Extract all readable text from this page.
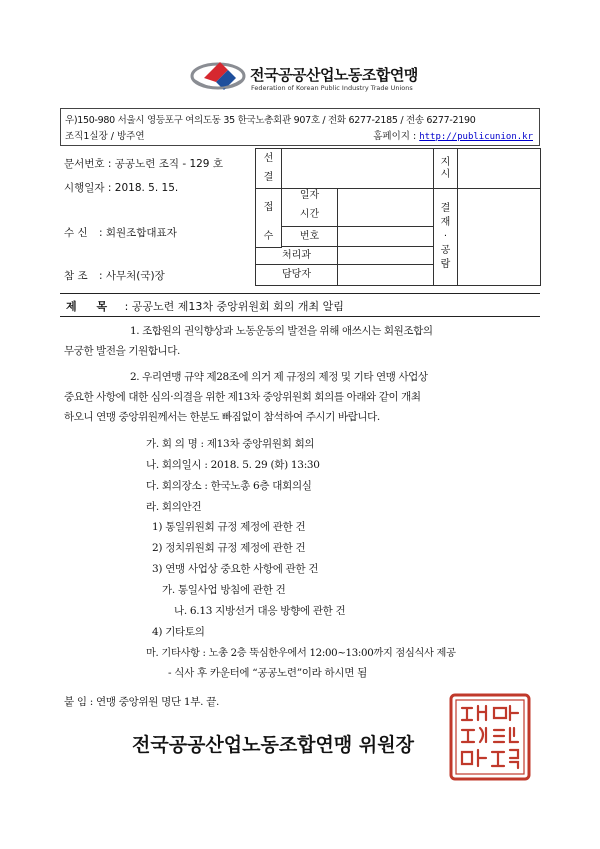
전국공공산업노동조합연맹
Federation of Korean Public Industry Trade Unions
우)150-980 서울시 영등포구 여의도동 35 한국노총회관 907호 / 전화 6277-2185 / 전송 6277-2190
조직1실장 / 방주연	홈페이지 : http://publicunion.kr
문서번호 : 공공노련 조직 - 129 호
시행일자 : 2018. 5. 15.
수 신 : 회원조합대표자
참 조 : 사무처(국)장
선
결
접
수
일자
시간
번호
처리과
담당자
지
시
결
재
·
공
람
제 목 : 공공노련 제13차 중앙위원회 회의 개최 알림
1. 조합원의 권익향상과 노동운동의 발전을 위해 애쓰시는 회원조합의
무궁한 발전을 기원합니다.
2. 우리연맹 규약 제28조에 의거 제 규정의 제정 및 기타 연맹 사업상
중요한 사항에 대한 심의·의결을 위한 제13차 중앙위원회 회의를 아래와 같이 개최
하오니 연맹 중앙위원께서는 한분도 빠짐없이 참석하여 주시기 바랍니다.
가. 회 의 명 : 제13차 중앙위원회 회의
나. 회의일시 : 2018. 5. 29 (화) 13:30
다. 회의장소 : 한국노총 6층 대회의실
라. 회의안건
1) 통일위원회 규정 제정에 관한 건
2) 정치위원회 규정 제정에 관한 건
3) 연맹 사업상 중요한 사항에 관한 건
가. 통일사업 방침에 관한 건
나. 6.13 지방선거 대응 방향에 관한 건
4) 기타토의
마. 기타사항 : 노총 2층 뚝심한우에서 12:00~13:00까지 점심식사 제공
- 식사 후 카운터에 “공공노련”이라 하시면 됨
붙 임 : 연맹 중앙위원 명단 1부. 끝.
전국공공산업노동조합연맹 위원장
